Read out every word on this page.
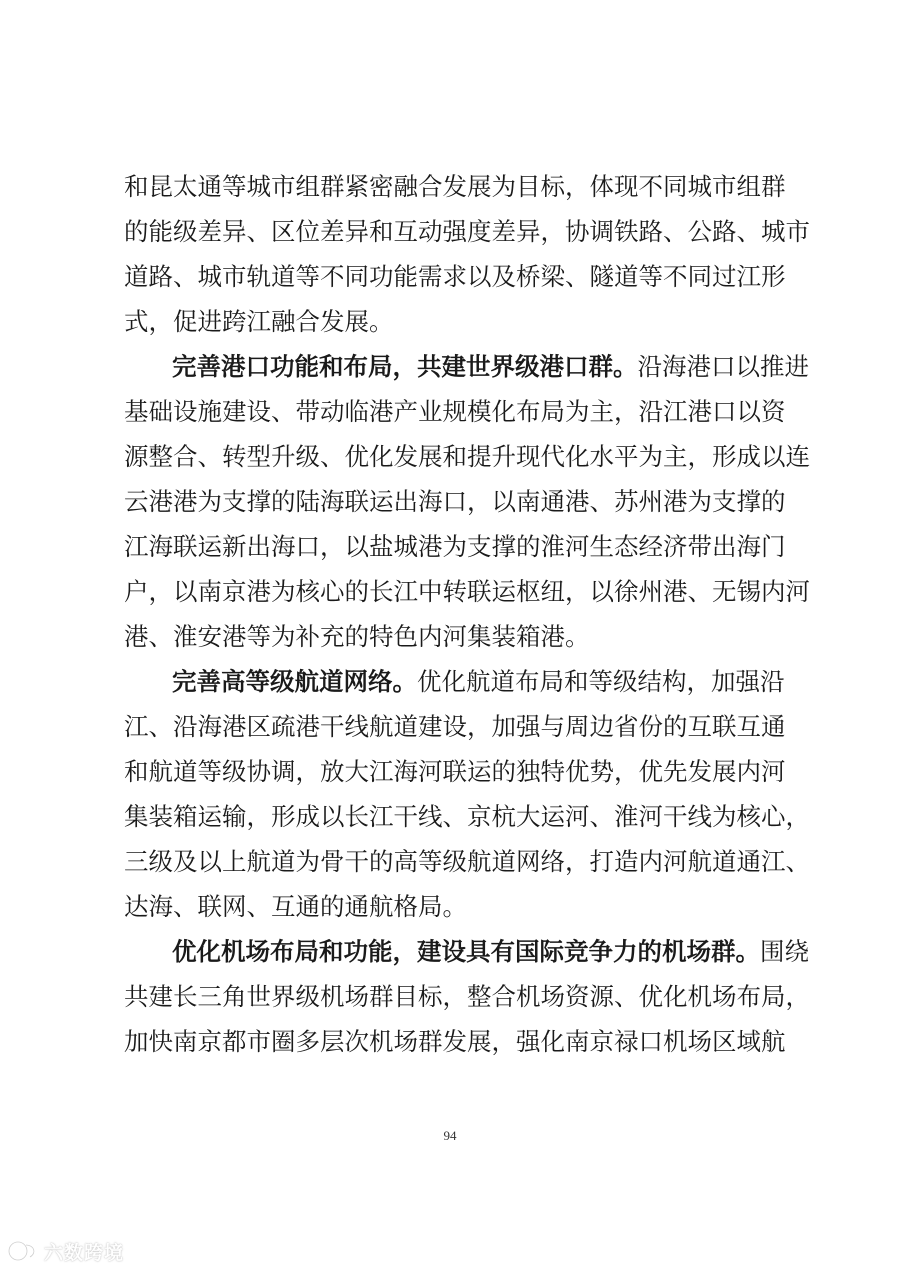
和昆太通等城市组群紧密融合发展为目标，体现不同城市组群
的能级差异、区位差异和互动强度差异，协调铁路、公路、城市
道路、城市轨道等不同功能需求以及桥梁、隧道等不同过江形
式，促进跨江融合发展。
完善港口功能和布局，共建世界级港口群。沿海港口以推进
基础设施建设、带动临港产业规模化布局为主，沿江港口以资
源整合、转型升级、优化发展和提升现代化水平为主，形成以连
云港港为支撑的陆海联运出海口，以南通港、苏州港为支撑的
江海联运新出海口，以盐城港为支撑的淮河生态经济带出海门
户，以南京港为核心的长江中转联运枢纽，以徐州港、无锡内河
港、淮安港等为补充的特色内河集装箱港。
完善高等级航道网络。优化航道布局和等级结构，加强沿
江、沿海港区疏港干线航道建设，加强与周边省份的互联互通
和航道等级协调，放大江海河联运的独特优势，优先发展内河
集装箱运输，形成以长江干线、京杭大运河、淮河干线为核心，
三级及以上航道为骨干的高等级航道网络，打造内河航道通江、
达海、联网、互通的通航格局。
优化机场布局和功能，建设具有国际竞争力的机场群。围绕
共建长三角世界级机场群目标，整合机场资源、优化机场布局，
加快南京都市圈多层次机场群发展，强化南京禄口机场区域航
94
六数跨境
